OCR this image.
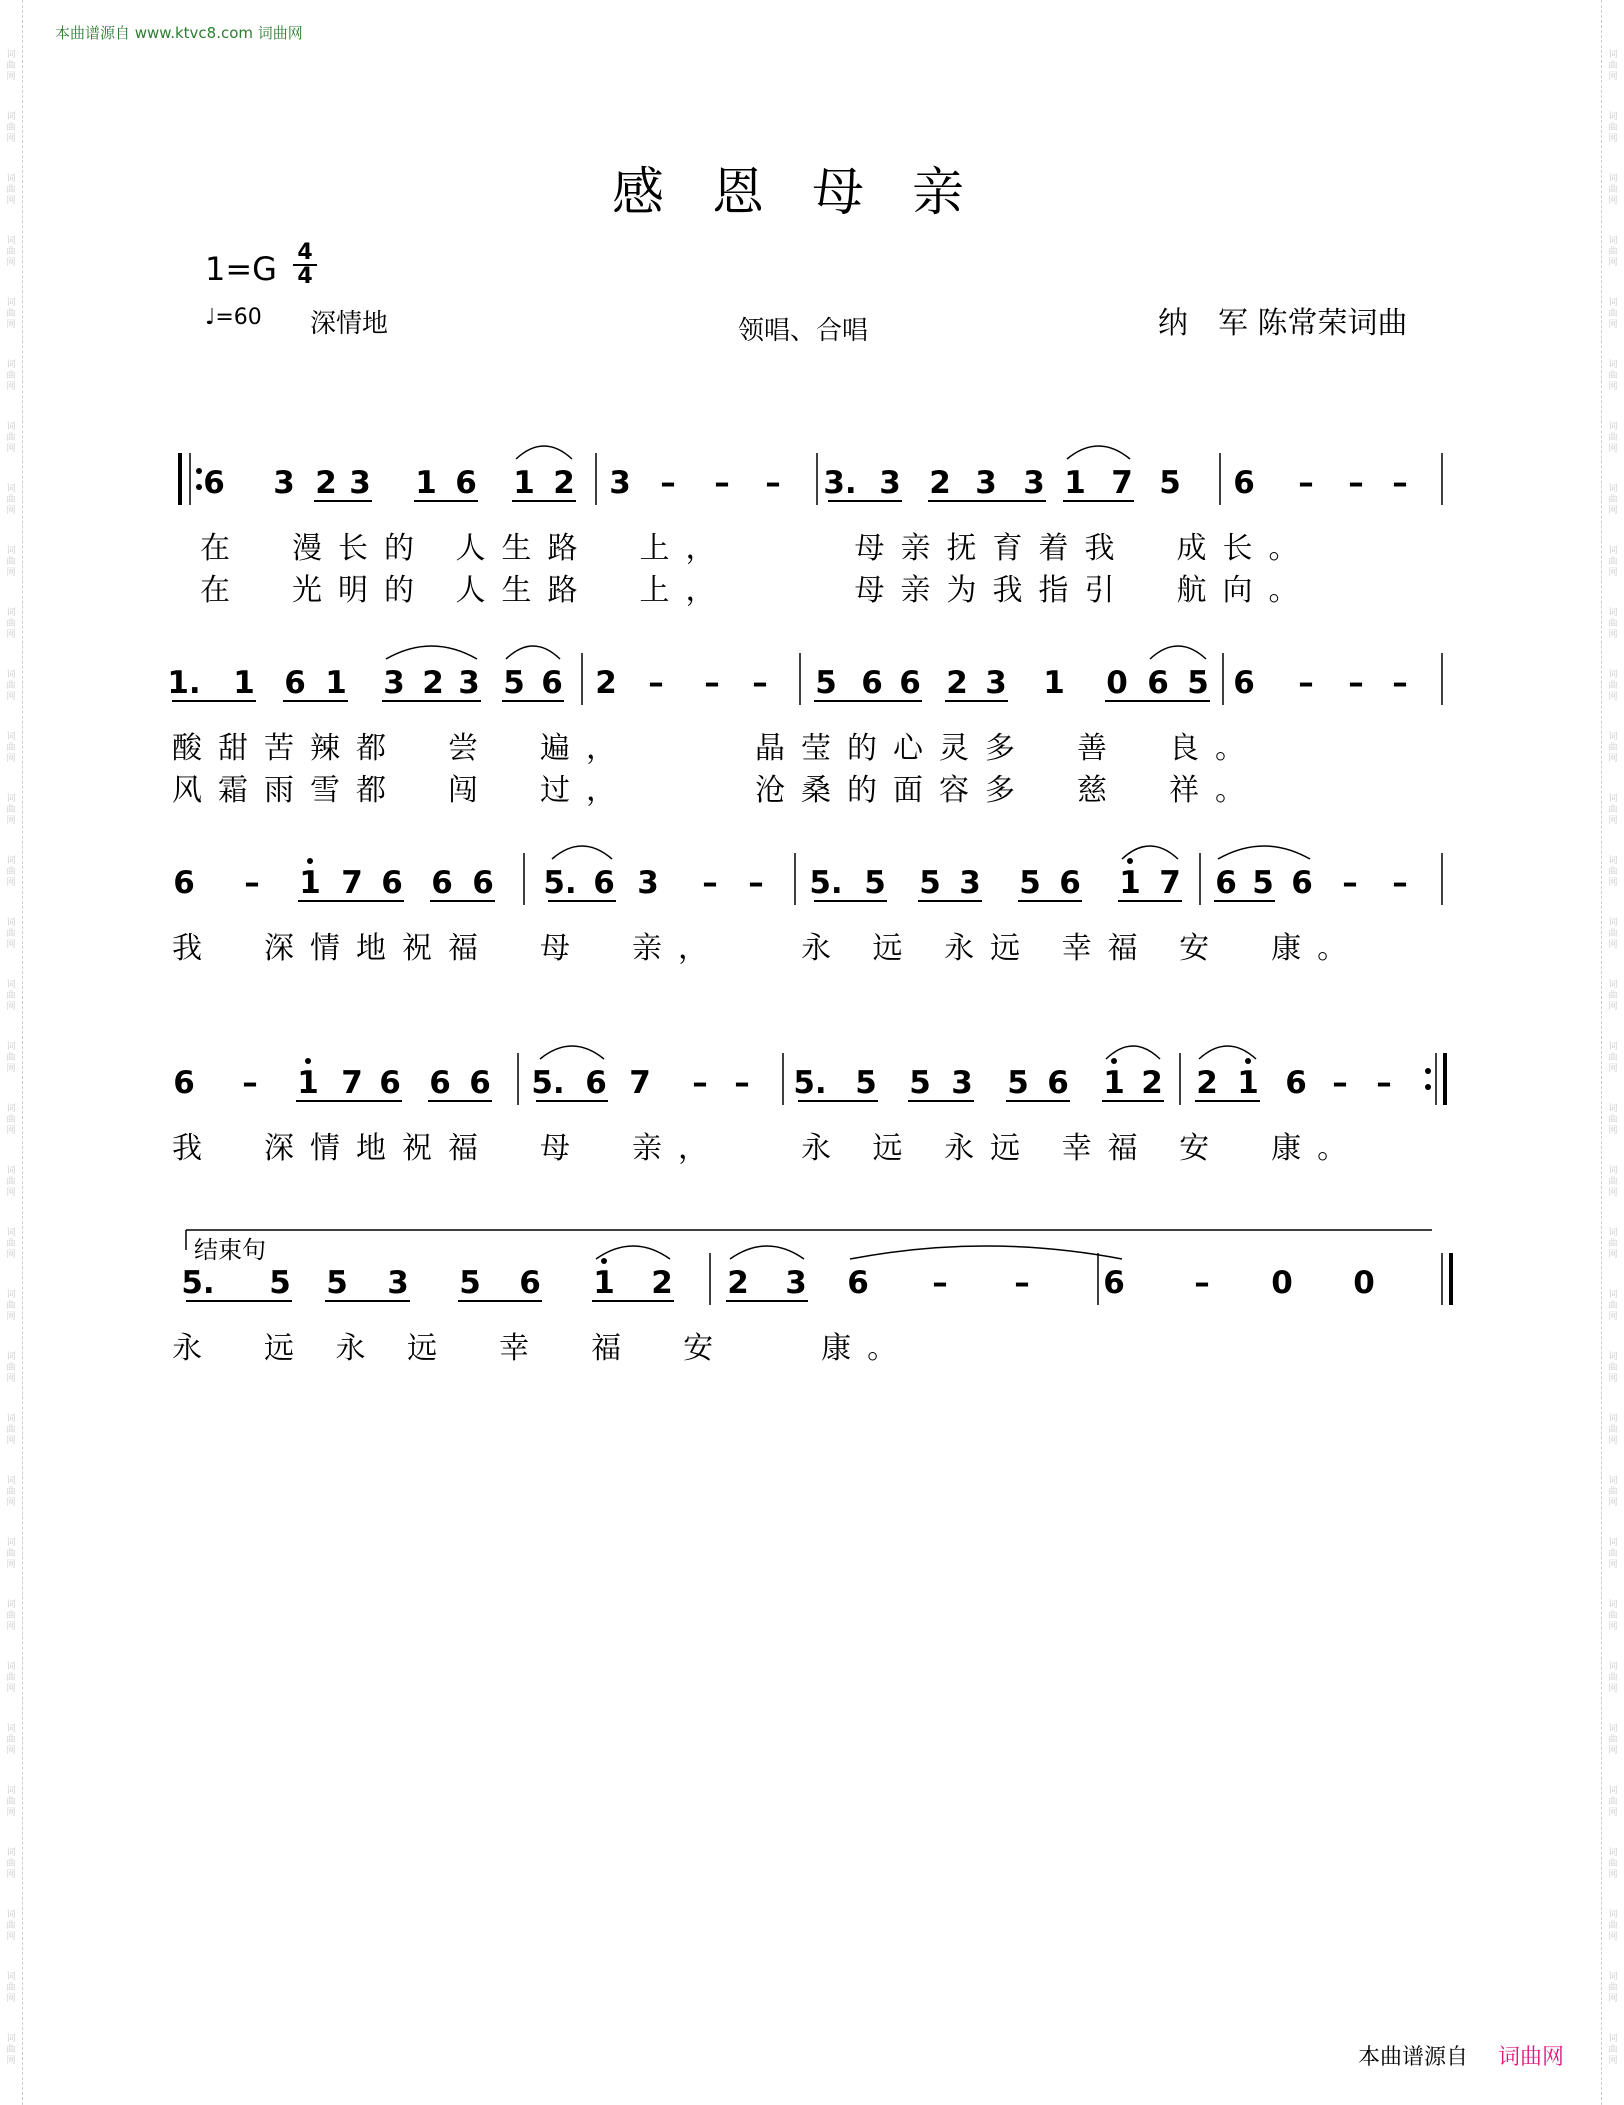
词
曲
网
词
曲
网
词
曲
网
词
曲
网
词
曲
网
词
曲
网
词
曲
网
词
曲
网
词
曲
网
词
曲
网
词
曲
网
词
曲
网
词
曲
网
词
曲
网
词
曲
网
词
曲
网
词
曲
网
词
曲
网
词
曲
网
词
曲
网
词
曲
网
词
曲
网
词
曲
网
词
曲
网
词
曲
网
词
曲
网
词
曲
网
词
曲
网
词
曲
网
词
曲
网
词
曲
网
词
曲
网
词
曲
网
词
曲
网
词
曲
网
词
曲
网
词
曲
网
词
曲
网
词
曲
网
词
曲
网
词
曲
网
词
曲
网
词
曲
网
词
曲
网
词
曲
网
词
曲
网
词
曲
网
词
曲
网
词
曲
网
词
曲
网
词
曲
网
词
曲
网
词
曲
网
词
曲
网
词
曲
网
词
曲
网
词
曲
网
词
曲
网
词
曲
网
词
曲
网
词
曲
网
词
曲
网
词
曲
网
词
曲
网
词
曲
网
词
曲
网
本曲谱源自 www.ktvc8.com 词曲网
感恩母亲
1=G 4
4
♩=60 深情地	领唱、合唱	纳　军 陈常荣词曲
6 3 2 3 1 6 1 2 3 – – – 3. 3 2 3 3 1 7 5 6 – – –
在　漫长的 人生路　上，　　　母亲抚育着我　成长。
在　光明的 人生路　上，　　　母亲为我指引　航向。
1. 1 6 1 3 2 3 5 6 2 – – – 5 6 6 2 3 1 0 6 5 6 – – –
酸甜苦辣都　尝　遍，　　　晶莹的心灵多　善　良。
风霜雨雪都　闯　过，　　　沧桑的面容多　慈　祥。
6 – 1 7 6 6 6 5. 6 3 – – 5. 5 5 3 5 6 1 7 6 5 6 – –
我　深情地祝福　母　亲，　　永 远 永远 幸福 安　康。
6 – 1 7 6 6 6 5. 6 7 – – 5. 5 5 3 5 6 1 2 2 1 6 – –
我　深情地祝福　母　亲，　　永 远 永远 幸福 安　康。
结束句
5. 5 5 3 5 6 1 2 2 3 6 – – 6 – 0 0
永　远 永 远　幸　福　安　　康。
本曲谱源自 词曲网
